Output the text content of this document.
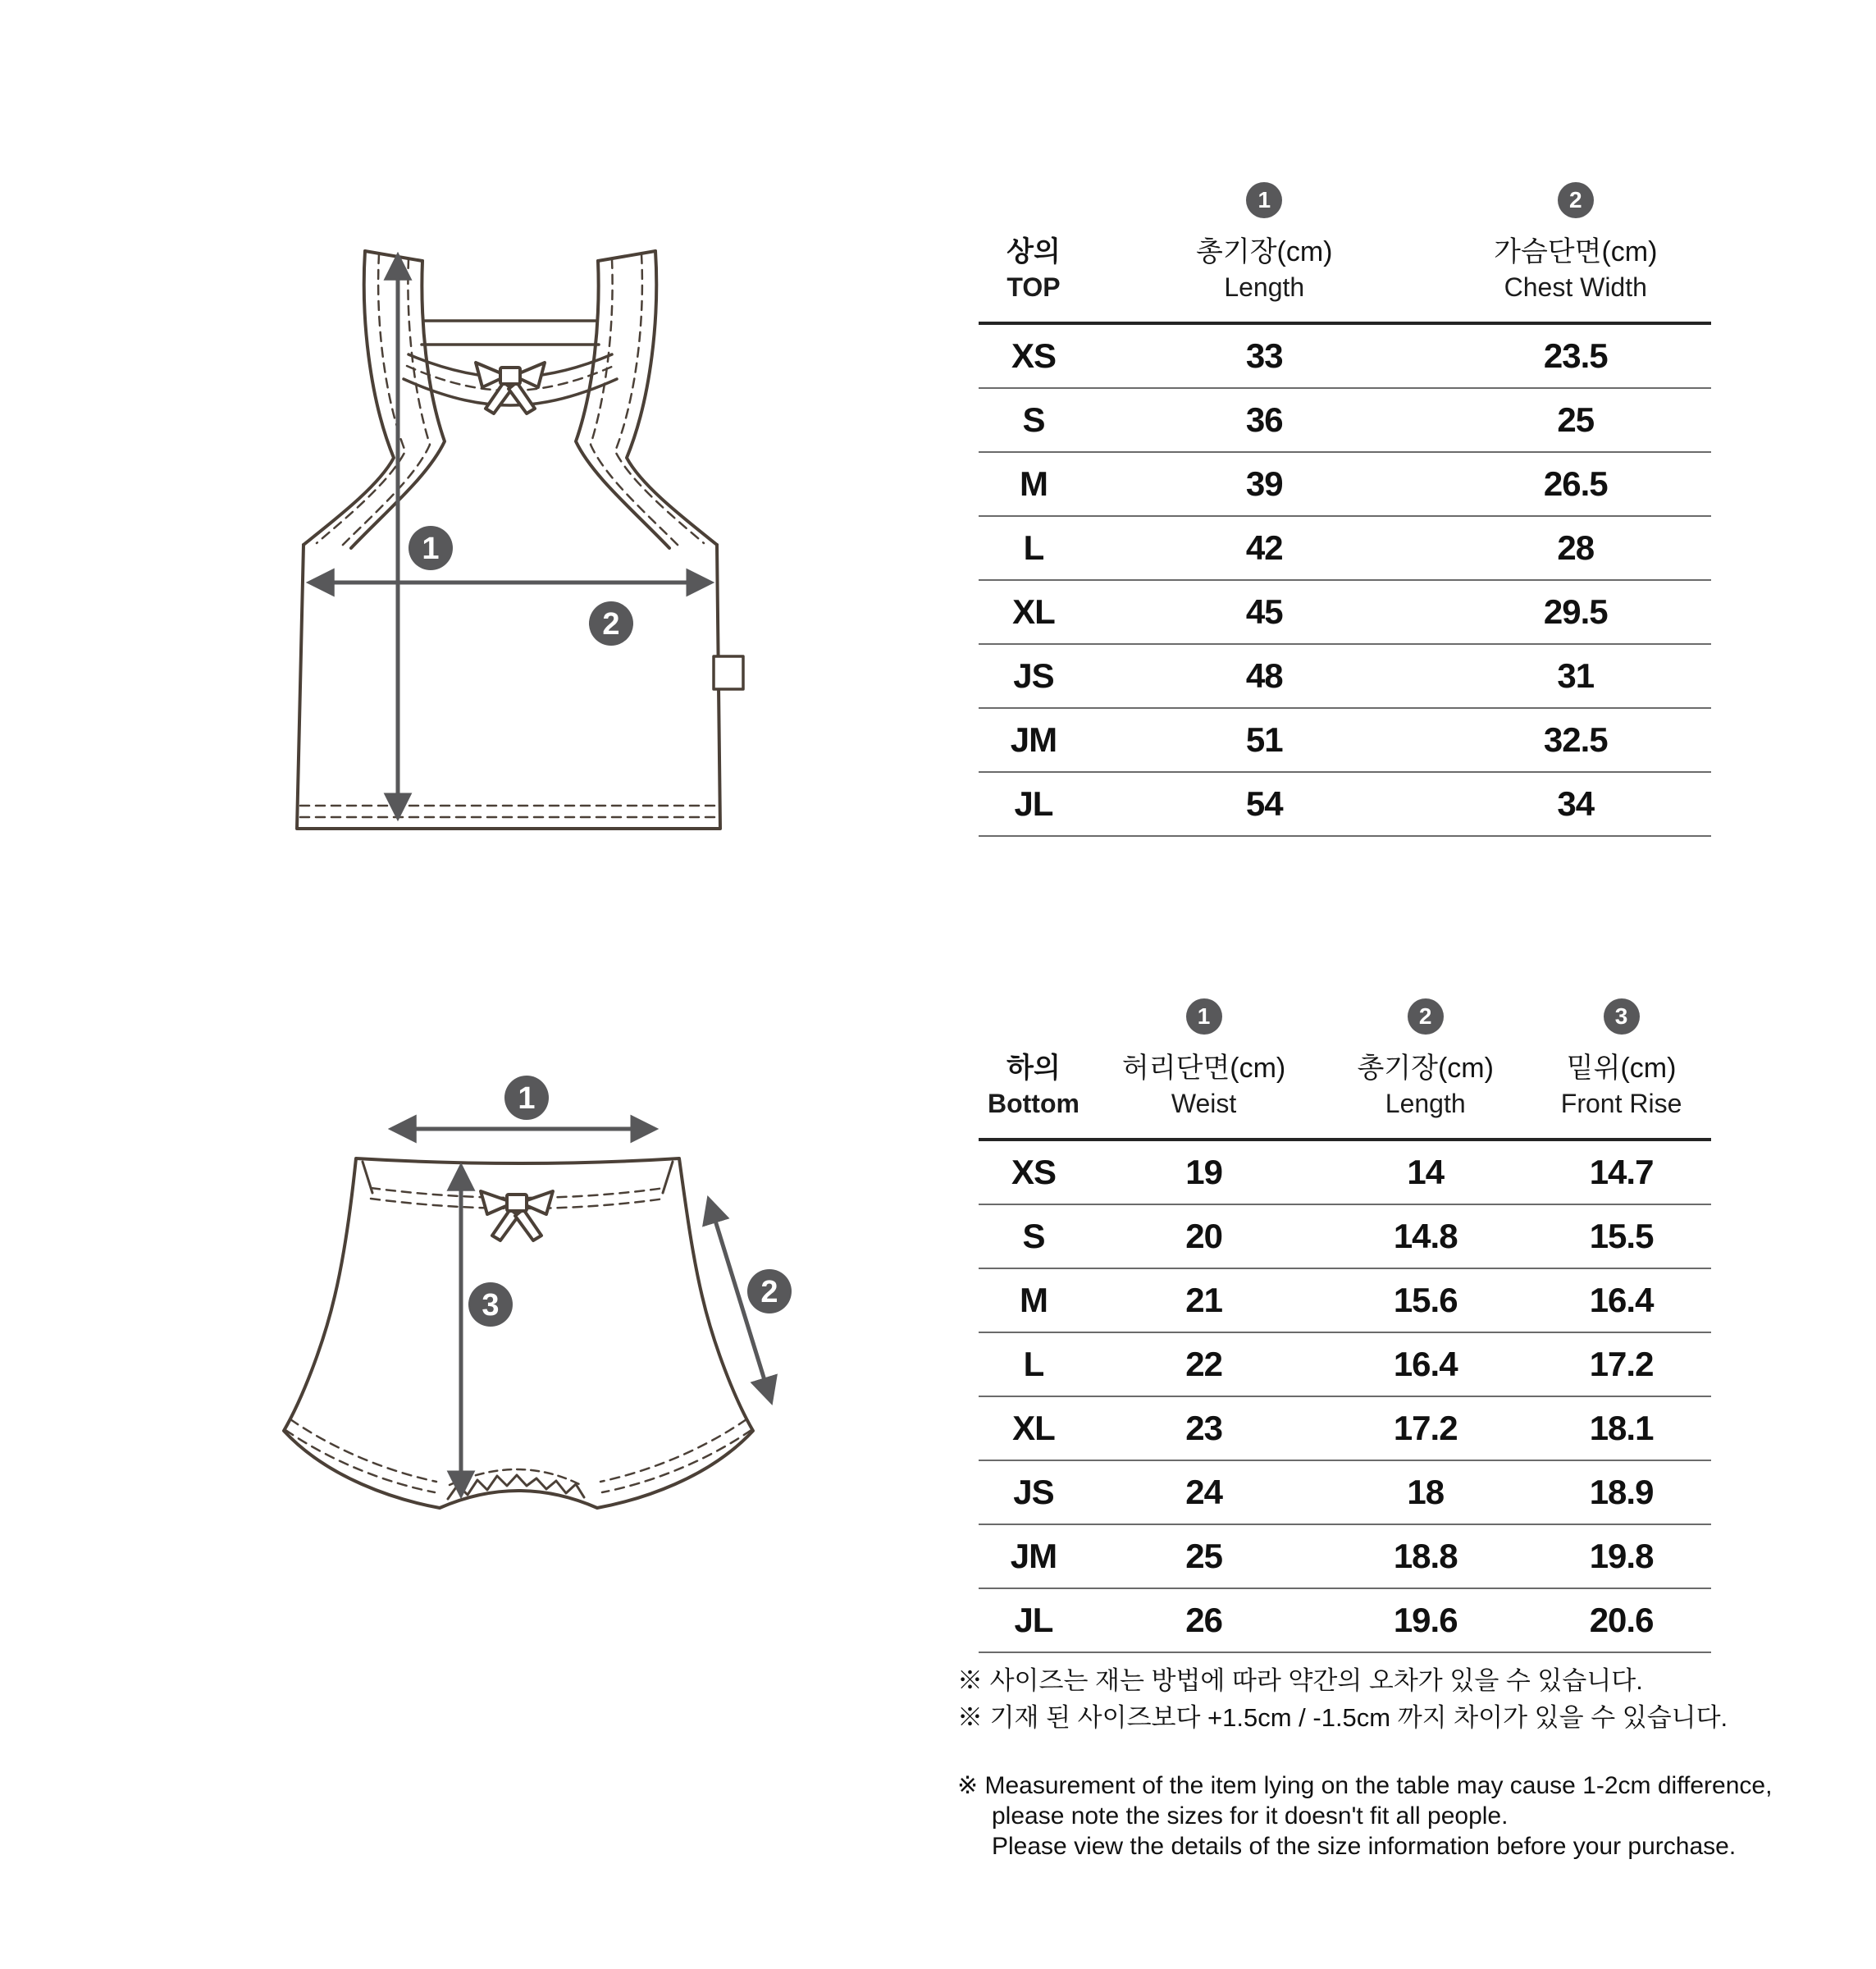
1
2
1
2
3
상의
TOP
1
총기장(cm)
Length
2
가슴단면(cm)
Chest Width
XS	33	23.5
S	36	25
M	39	26.5
L	42	28
XL	45	29.5
JS	48	31
JM	51	32.5
JL	54	34
하의
Bottom
1
허리단면(cm)
Weist
2
총기장(cm)
Length
3
밑위(cm)
Front Rise
XS	19	14	14.7
S	20	14.8	15.5
M	21	15.6	16.4
L	22	16.4	17.2
XL	23	17.2	18.1
JS	24	18	18.9
JM	25	18.8	19.8
JL	26	19.6	20.6
※ 사이즈는 재는 방법에 따라 약간의 오차가 있을 수 있습니다.
※ 기재 된 사이즈보다 +1.5cm / -1.5cm 까지 차이가 있을 수 있습니다.
※ Measurement of the item lying on the table may cause 1-2cm difference,
please note the sizes for it doesn't fit all people.
Please view the details of the size information before your purchase.
